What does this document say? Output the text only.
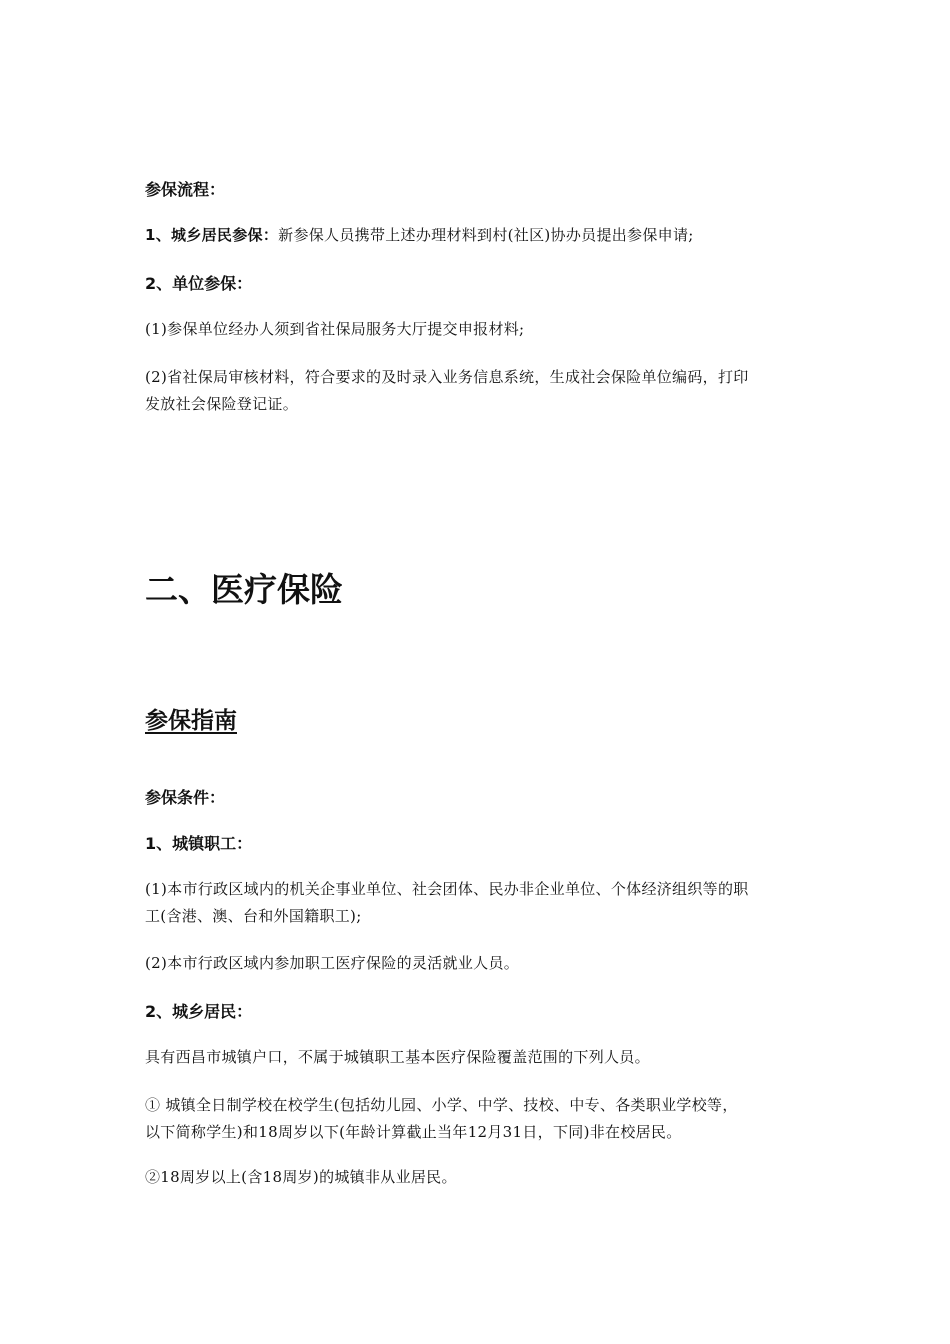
参保流程：
1、城乡居民参保：新参保人员携带上述办理材料到村(社区)协办员提出参保申请;
2、单位参保：
(1)参保单位经办人须到省社保局服务大厅提交申报材料;
(2)省社保局审核材料，符合要求的及时录入业务信息系统，生成社会保险单位编码，打印
发放社会保险登记证。
二、医疗保险
参保指南
参保条件：
1、城镇职工：
(1)本市行政区域内的机关企事业单位、社会团体、民办非企业单位、个体经济组织等的职
工(含港、澳、台和外国籍职工);
(2)本市行政区域内参加职工医疗保险的灵活就业人员。
2、城乡居民：
具有西昌市城镇户口，不属于城镇职工基本医疗保险覆盖范围的下列人员。
① 城镇全日制学校在校学生(包括幼儿园、小学、中学、技校、中专、各类职业学校等，
以下简称学生)和18周岁以下(年龄计算截止当年12月31日，下同)非在校居民。
②18周岁以上(含18周岁)的城镇非从业居民。
